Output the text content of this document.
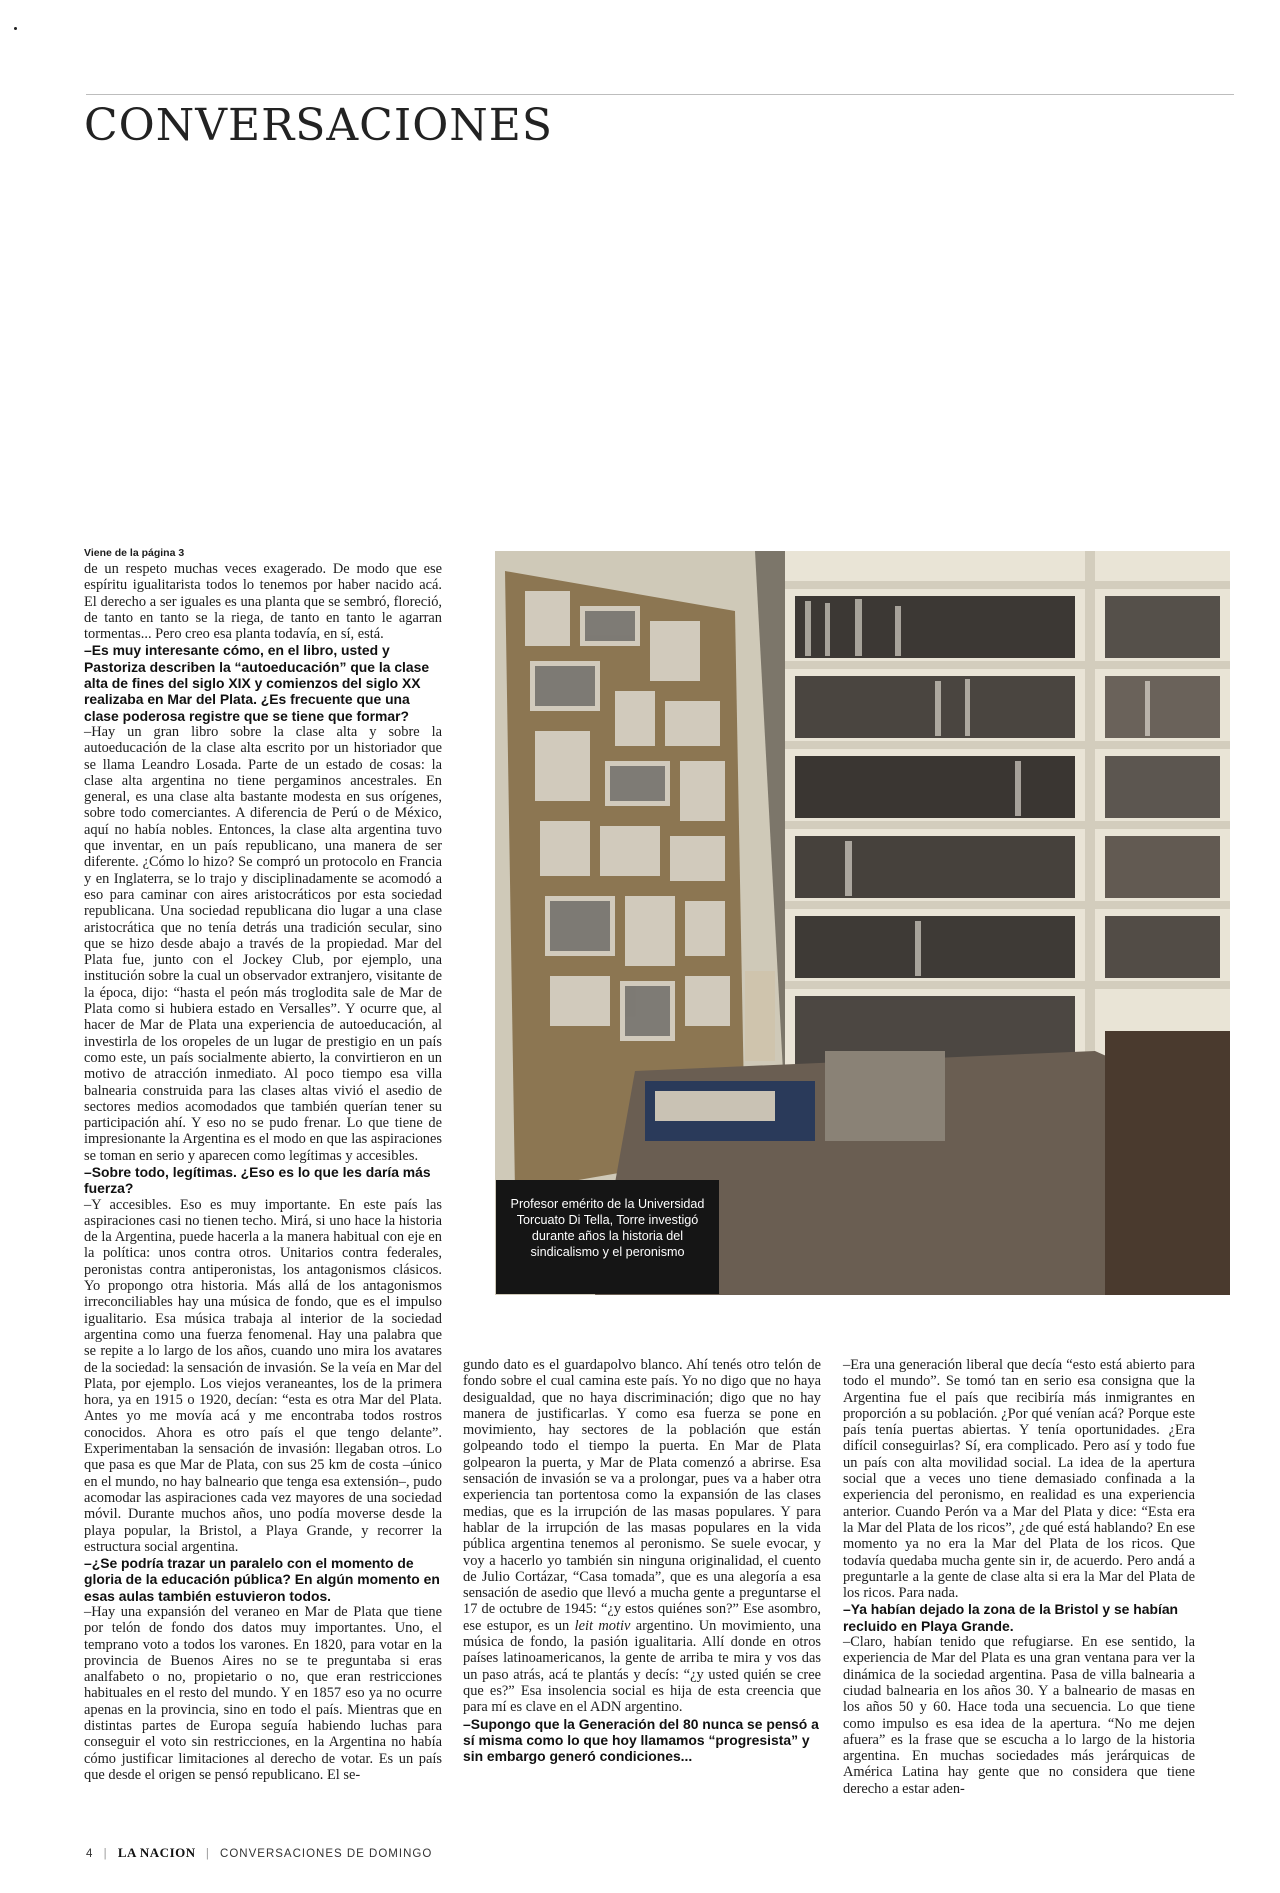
CONVERSACIONES
Viene de la página 3

de un respeto muchas veces exagerado. De modo que ese espíritu igualitarista todos lo tenemos por haber nacido acá. El derecho a ser iguales es una planta que se sembró, floreció, de tanto en tanto se la riega, de tanto en tanto le agarran tormentas... Pero creo esa planta todavía, en sí, está.

–Es muy interesante cómo, en el libro, usted y Pastoriza describen la “autoeducación” que la clase alta de fines del siglo XIX y comienzos del siglo XX realizaba en Mar del Plata. ¿Es frecuente que una clase poderosa registre que se tiene que formar?

–Hay un gran libro sobre la clase alta y sobre la autoeducación de la clase alta escrito por un historiador que se llama Leandro Losada. Parte de un estado de cosas: la clase alta argentina no tiene pergaminos ancestrales. En general, es una clase alta bastante modesta en sus orígenes, sobre todo comerciantes. A diferencia de Perú o de México, aquí no había nobles. Entonces, la clase alta argentina tuvo que inventar, en un país republicano, una manera de ser diferente. ¿Cómo lo hizo? Se compró un protocolo en Francia y en Inglaterra, se lo trajo y disciplinadamente se acomodó a eso para caminar con aires aristocráticos por esta sociedad republicana. Una sociedad republicana dio lugar a una clase aristocrática que no tenía detrás una tradición secular, sino que se hizo desde abajo a través de la propiedad. Mar del Plata fue, junto con el Jockey Club, por ejemplo, una institución sobre la cual un observador extranjero, visitante de la época, dijo: “hasta el peón más troglodita sale de Mar de Plata como si hubiera estado en Versalles”. Y ocurre que, al hacer de Mar de Plata una experiencia de autoeducación, al investirla de los oropeles de un lugar de prestigio en un país como este, un país socialmente abierto, la convirtieron en un motivo de atracción inmediato. Al poco tiempo esa villa balnearia construida para las clases altas vivió el asedio de sectores medios acomodados que también querían tener su participación ahí. Y eso no se pudo frenar. Lo que tiene de impresionante la Argentina es el modo en que las aspiraciones se toman en serio y aparecen como legítimas y accesibles.

–Sobre todo, legítimas. ¿Eso es lo que les daría más fuerza?

–Y accesibles. Eso es muy importante. En este país las aspiraciones casi no tienen techo. Mirá, si uno hace la historia de la Argentina, puede hacerla a la manera habitual con eje en la política: unos contra otros. Unitarios contra federales, peronistas contra antiperonistas, los antagonismos clásicos. Yo propongo otra historia. Más allá de los antagonismos irreconciliables hay una música de fondo, que es el impulso igualitario. Esa música trabaja al interior de la sociedad argentina como una fuerza fenomenal. Hay una palabra que se repite a lo largo de los años, cuando uno mira los avatares de la sociedad: la sensación de invasión. Se la veía en Mar del Plata, por ejemplo. Los viejos veraneantes, los de la primera hora, ya en 1915 o 1920, decían: “esta es otra Mar del Plata. Antes yo me movía acá y me encontraba todos rostros conocidos. Ahora es otro país el que tengo delante”. Experimentaban la sensación de invasión: llegaban otros. Lo que pasa es que Mar de Plata, con sus 25 km de costa –único en el mundo, no hay balneario que tenga esa extensión–, pudo acomodar las aspiraciones cada vez mayores de una sociedad móvil. Durante muchos años, uno podía moverse desde la playa popular, la Bristol, a Playa Grande, y recorrer la estructura social argentina.

–¿Se podría trazar un paralelo con el momento de gloria de la educación pública? En algún momento en esas aulas también estuvieron todos.

–Hay una expansión del veraneo en Mar de Plata que tiene por telón de fondo dos datos muy importantes. Uno, el temprano voto a todos los varones. En 1820, para votar en la provincia de Buenos Aires no se te preguntaba si eras analfabeto o no, propietario o no, que eran restricciones habituales en el resto del mundo. Y en 1857 eso ya no ocurre apenas en la provincia, sino en todo el país. Mientras que en distintas partes de Europa seguía habiendo luchas para conseguir el voto sin restricciones, en la Argentina no había cómo justificar limitaciones al derecho de votar. Es un país que desde el origen se pensó republicano. El se-

Profesor emérito de la Universidad Torcuato Di Tella, Torre investigó durante años la historia del sindicalismo y el peronismo

gundo dato es el guardapolvo blanco. Ahí tenés otro telón de fondo sobre el cual camina este país. Yo no digo que no haya desigualdad, que no haya discriminación; digo que no hay manera de justificarlas. Y como esa fuerza se pone en movimiento, hay sectores de la población que están golpeando todo el tiempo la puerta. En Mar de Plata golpearon la puerta, y Mar de Plata comenzó a abrirse. Esa sensación de invasión se va a prolongar, pues va a haber otra experiencia tan portentosa como la expansión de las clases medias, que es la irrupción de las masas populares. Y para hablar de la irrupción de las masas populares en la vida pública argentina tenemos al peronismo. Se suele evocar, y voy a hacerlo yo también sin ninguna originalidad, el cuento de Julio Cortázar, “Casa tomada”, que es una alegoría a esa sensación de asedio que llevó a mucha gente a preguntarse el 17 de octubre de 1945: “¿y estos quiénes son?” Ese asombro, ese estupor, es un leit motiv argentino. Un movimiento, una música de fondo, la pasión igualitaria. Allí donde en otros países latinoamericanos, la gente de arriba te mira y vos das un paso atrás, acá te plantás y decís: “¿y usted quién se cree que es?” Esa insolencia social es hija de esta creencia que para mí es clave en el ADN argentino.

–Supongo que la Generación del 80 nunca se pensó a sí misma como lo que hoy llamamos “progresista” y sin embargo generó condiciones...

–Era una generación liberal que decía “esto está abierto para todo el mundo”. Se tomó tan en serio esa consigna que la Argentina fue el país que recibiría más inmigrantes en proporción a su población. ¿Por qué venían acá? Porque este país tenía puertas abiertas. Y tenía oportunidades. ¿Era difícil conseguirlas? Sí, era complicado. Pero así y todo fue un país con alta movilidad social. La idea de la apertura social que a veces uno tiene demasiado confinada a la experiencia del peronismo, en realidad es una experiencia anterior. Cuando Perón va a Mar del Plata y dice: “Esta era la Mar del Plata de los ricos”, ¿de qué está hablando? En ese momento ya no era la Mar del Plata de los ricos. Que todavía quedaba mucha gente sin ir, de acuerdo. Pero andá a preguntarle a la gente de clase alta si era la Mar del Plata de los ricos. Para nada.

–Ya habían dejado la zona de la Bristol y se habían recluido en Playa Grande.

–Claro, habían tenido que refugiarse. En ese sentido, la experiencia de Mar del Plata es una gran ventana para ver la dinámica de la sociedad argentina. Pasa de villa balnearia a ciudad balnearia en los años 30. Y a balneario de masas en los años 50 y 60. Hace toda una secuencia. Lo que tiene como impulso es esa idea de la apertura. “No me dejen afuera” es la frase que se escucha a lo largo de la historia argentina. En muchas sociedades más jerárquicas de América Latina hay gente que no considera que tiene derecho a estar aden-

4 | LA NACION | CONVERSACIONES DE DOMINGO
